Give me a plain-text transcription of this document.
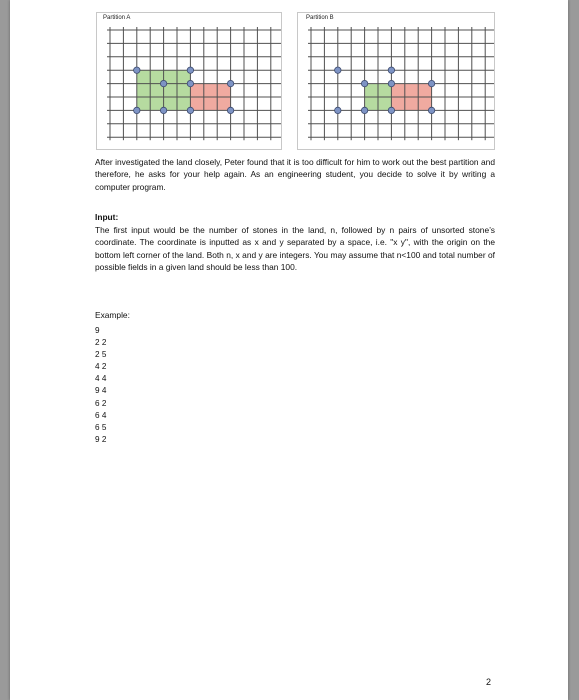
Partition A	Partition B
After investigated the land closely, Peter found that it is too difficult for him to work out the best partition and therefore, he asks for your help again. As an engineering student, you decide to solve it by writing a computer program.
Input:
The first input would be the number of stones in the land, n, followed by n pairs of unsorted stone’s coordinate. The coordinate is inputted as x and y separated by a space, i.e. "x y", with the origin on the bottom left corner of the land. Both n, x and y are integers. You may assume that n<100 and total number of possible fields in a given land should be less than 100.
Example:
9
2 2
2 5
4 2
4 4
9 4
6 2
6 4
6 5
9 2
2
